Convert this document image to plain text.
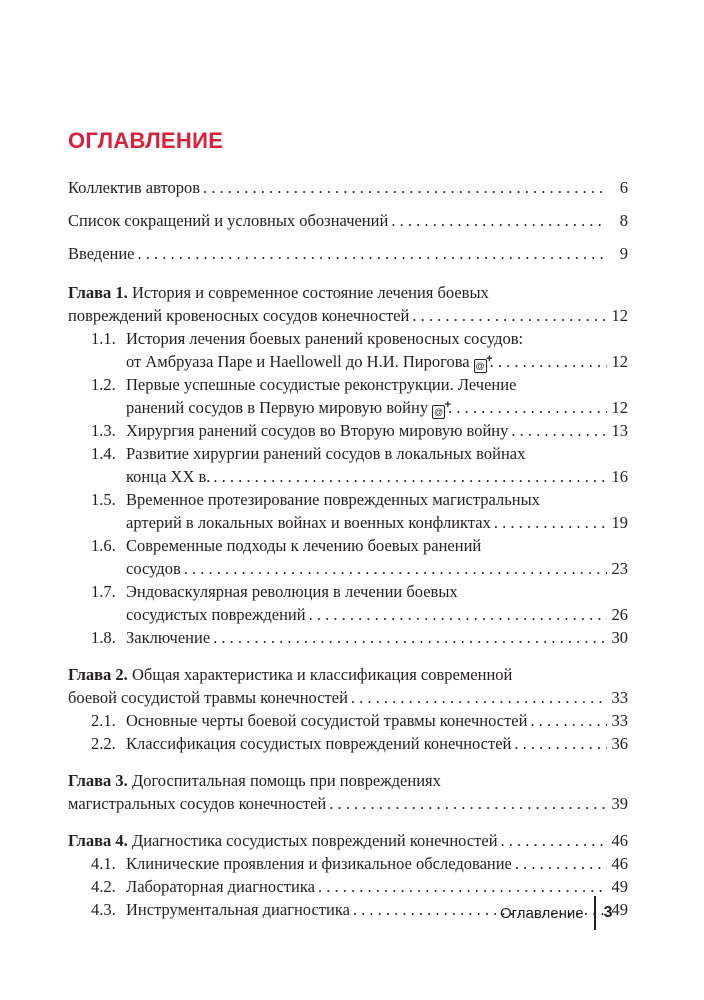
ОГЛАВЛЕНИЕ
Коллектив авторов . . .	6
Список сокращений и условных обозначений . . .	8
Введение . . .	9
Глава 1. История и современное состояние лечения боевых
повреждений кровеносных сосудов конечностей . . .	12
1.1. История лечения боевых ранений кровеносных сосудов:
от Амбруаза Паре и Haellowell до Н.И. Пирогова @ + . . .	12
1.2. Первые успешные сосудистые реконструкции. Лечение
ранений сосудов в Первую мировую войну @ + . . .	12
1.3. Хирургия ранений сосудов во Вторую мировую войну . . .	13
1.4. Развитие хирургии ранений сосудов в локальных войнах
конца XX в. . . .	16
1.5. Временное протезирование поврежденных магистральных
артерий в локальных войнах и военных конфликтах . . .	19
1.6. Современные подходы к лечению боевых ранений
сосудов . . .	23
1.7. Эндоваскулярная революция в лечении боевых
сосудистых повреждений . . .	26
1.8. Заключение . . .	30
Глава 2. Общая характеристика и классификация современной
боевой сосудистой травмы конечностей . . .	33
2.1. Основные черты боевой сосудистой травмы конечностей . . .	33
2.2. Классификация сосудистых повреждений конечностей . . .	36
Глава 3. Догоспитальная помощь при повреждениях
магистральных сосудов конечностей . . .	39
Глава 4. Диагностика сосудистых повреждений конечностей . . .	46
4.1. Клинические проявления и физикальное обследование . . .	46
4.2. Лабораторная диагностика . . .	49
4.3. Инструментальная диагностика . . .	49
Оглавление 3
